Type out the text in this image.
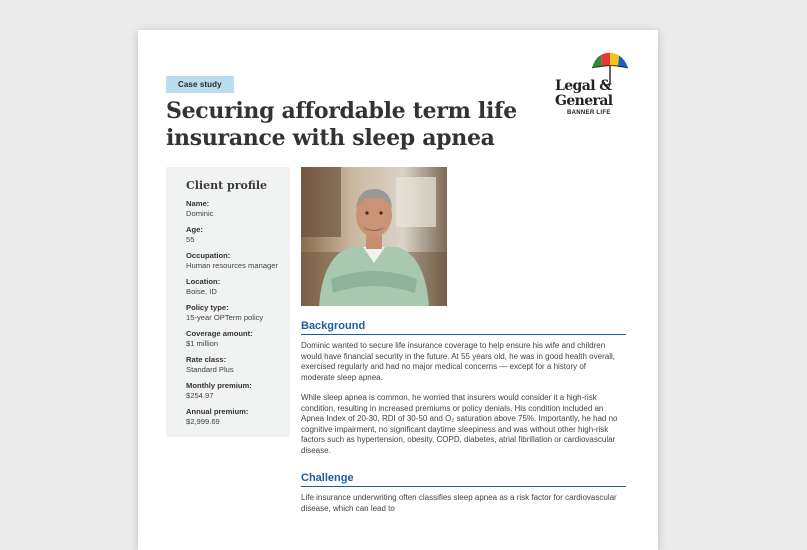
Case study
Securing affordable term life insurance with sleep apnea
Legal &
General
BANNER LIFE
Client profile
Name:
Dominic
Age:
55
Occupation:
Human resources manager
Location:
Boise, ID
Policy type:
15-year OPTerm policy
Coverage amount:
$1 million
Rate class:
Standard Plus
Monthly premium:
$254.97
Annual premium:
$2,999.69
Background

Dominic wanted to secure life insurance coverage to help ensure his wife and children would have financial security in the future. At 55 years old, he was in good health overall, exercised regularly and had no major medical concerns — except for a history of moderate sleep apnea.

While sleep apnea is common, he worried that insurers would consider it a high-risk condition, resulting in increased premiums or policy denials. His condition included an Apnea Index of 20-30, RDI of 30-50 and O₂ saturation above 75%. Importantly, he had no cognitive impairment, no significant daytime sleepiness and was without other high-risk factors such as hypertension, obesity, COPD, diabetes, atrial fibrillation or cardiovascular disease.

Challenge

Life insurance underwriting often classifies sleep apnea as a risk factor for cardiovascular disease, which can lead to
